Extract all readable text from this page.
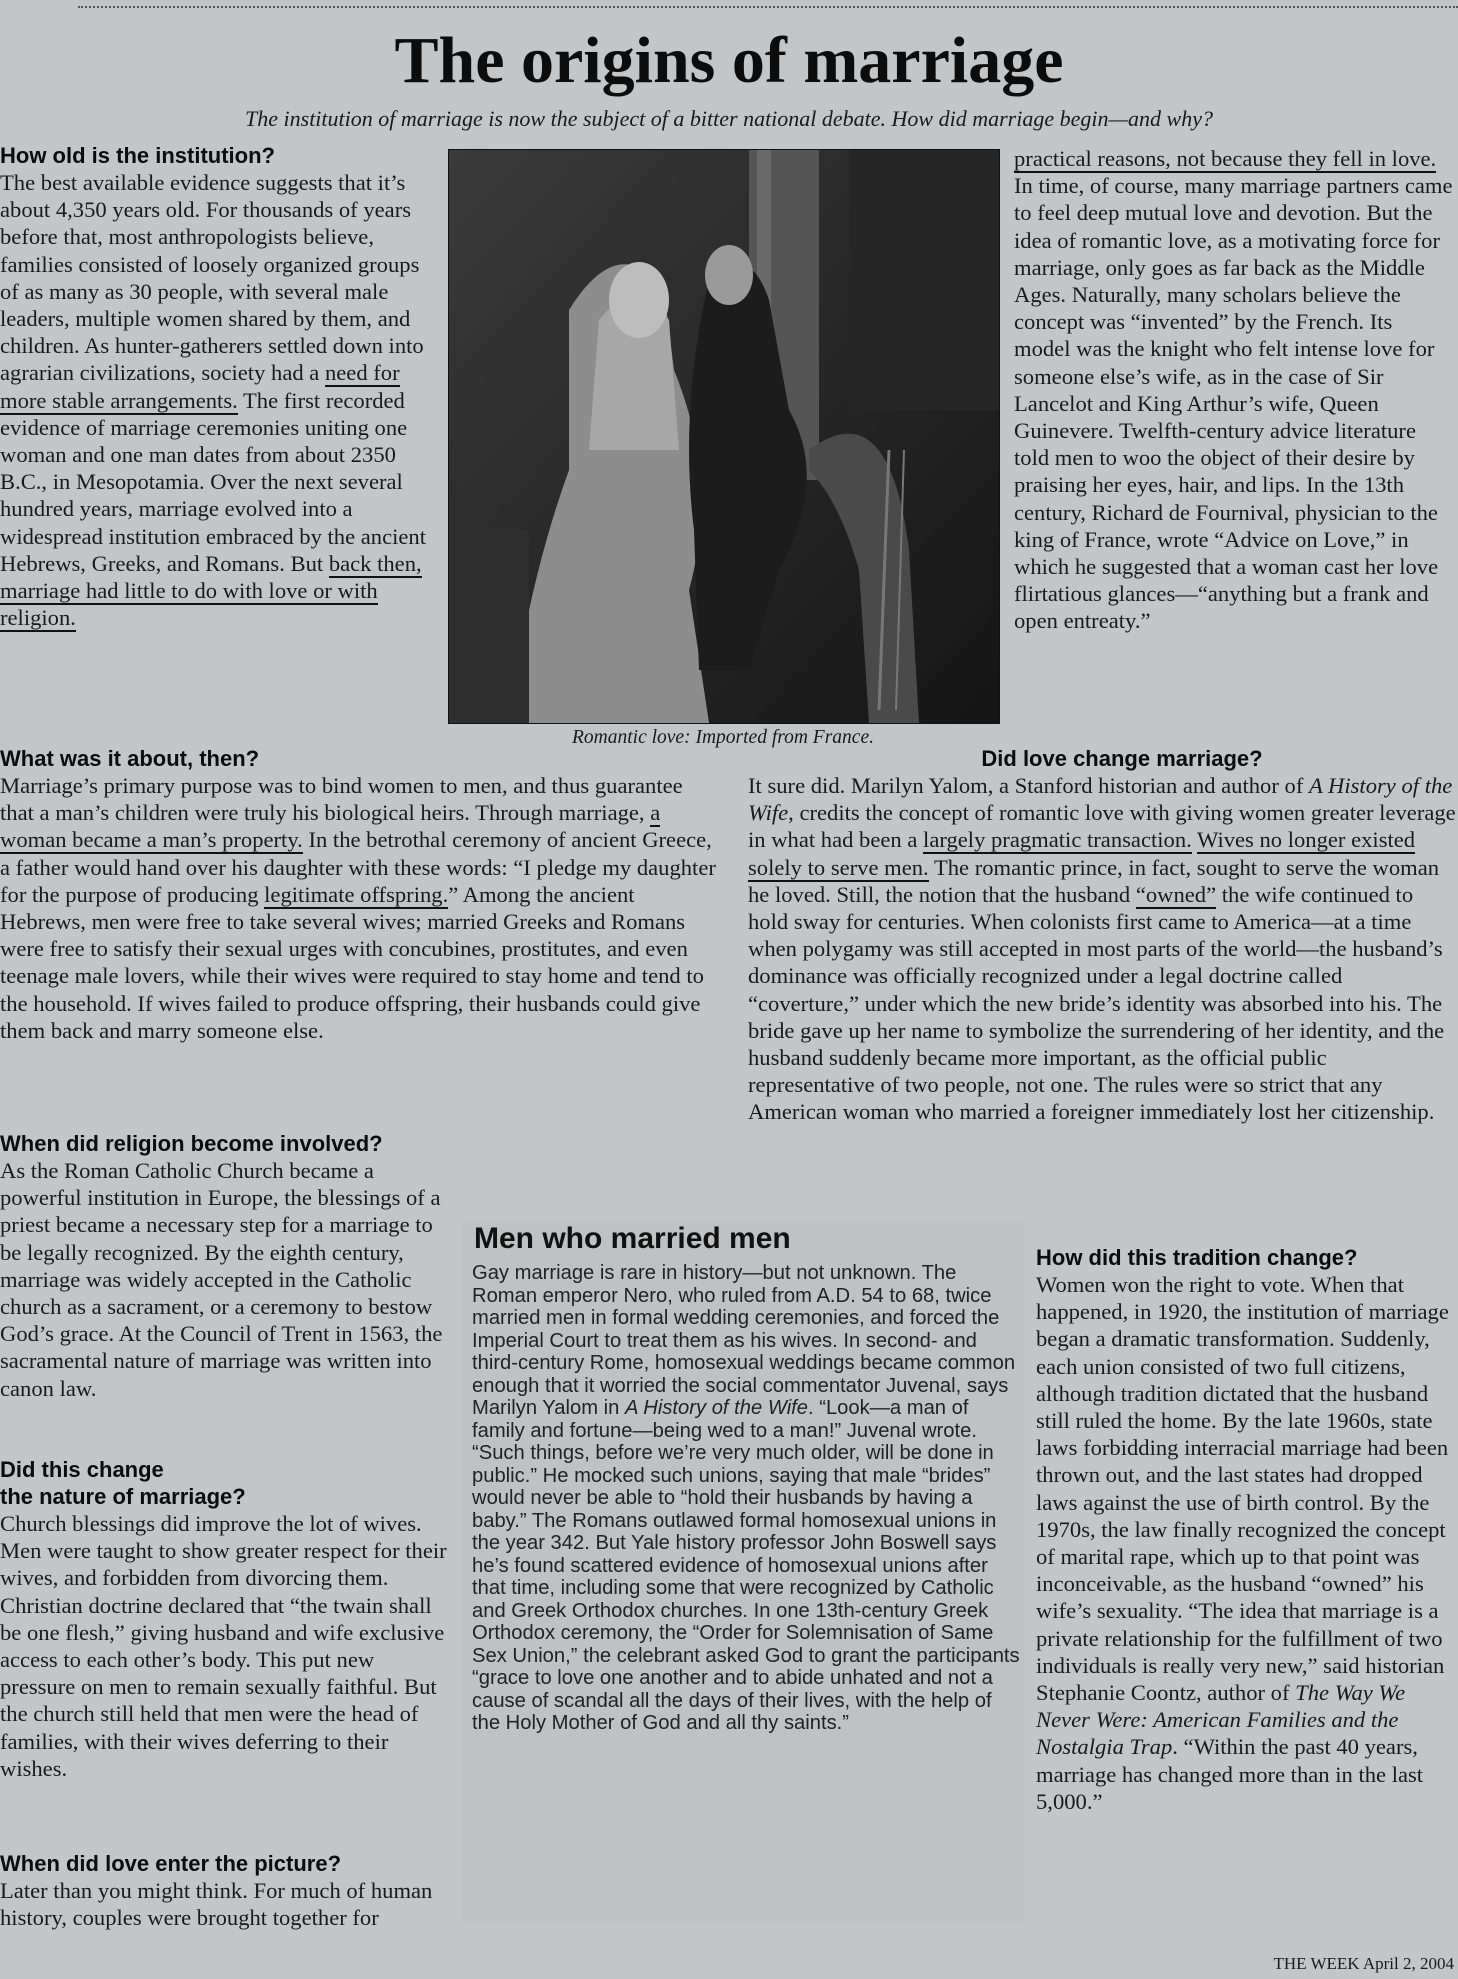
The origins of marriage
The institution of marriage is now the subject of a bitter national debate. How did marriage begin—and why?

How old is the institution?

The best available evidence suggests that it’s about 4,350 years old. For thousands of years before that, most anthropologists believe, families consisted of loosely organized groups of as many as 30 people, with several male leaders, multiple women shared by them, and children. As hunter-gatherers settled down into agrarian civilizations, society had a need for more stable arrangements. The first recorded evidence of marriage ceremonies uniting one woman and one man dates from about 2350 B.C., in Mesopotamia. Over the next several hundred years, marriage evolved into a widespread institution embraced by the ancient Hebrews, Greeks, and Romans. But back then, marriage had little to do with love or with religion.

Romantic love: Imported from France.

practical reasons, not because they fell in love. In time, of course, many marriage partners came to feel deep mutual love and devotion. But the idea of romantic love, as a motivating force for marriage, only goes as far back as the Middle Ages. Naturally, many scholars believe the concept was “invented” by the French. Its model was the knight who felt intense love for someone else’s wife, as in the case of Sir Lancelot and King Arthur’s wife, Queen Guinevere. Twelfth-century advice literature told men to woo the object of their desire by praising her eyes, hair, and lips. In the 13th century, Richard de Fournival, physician to the king of France, wrote “Advice on Love,” in which he suggested that a woman cast her love flirtatious glances—“anything but a frank and open entreaty.”

What was it about, then?

Marriage’s primary purpose was to bind women to men, and thus guarantee that a man’s children were truly his biological heirs. Through marriage, a woman became a man’s property. In the betrothal ceremony of ancient Greece, a father would hand over his daughter with these words: “I pledge my daughter for the purpose of producing legitimate offspring.” Among the ancient Hebrews, men were free to take several wives; married Greeks and Romans were free to satisfy their sexual urges with concubines, prostitutes, and even teenage male lovers, while their wives were required to stay home and tend to the household. If wives failed to produce offspring, their husbands could give them back and marry someone else.

Did love change marriage?

It sure did. Marilyn Yalom, a Stanford historian and author of A History of the Wife, credits the concept of romantic love with giving women greater leverage in what had been a largely pragmatic transaction. Wives no longer existed solely to serve men. The romantic prince, in fact, sought to serve the woman he loved. Still, the notion that the husband “owned” the wife continued to hold sway for centuries. When colonists first came to America—at a time when polygamy was still accepted in most parts of the world—the husband’s dominance was officially recognized under a legal doctrine called “coverture,” under which the new bride’s identity was absorbed into his. The bride gave up her name to symbolize the surrendering of her identity, and the husband suddenly became more important, as the official public representative of two people, not one. The rules were so strict that any American woman who married a foreigner immediately lost her citizenship.

When did religion become involved?

As the Roman Catholic Church became a powerful institution in Europe, the blessings of a priest became a necessary step for a marriage to be legally recognized. By the eighth century, marriage was widely accepted in the Catholic church as a sacrament, or a ceremony to bestow God’s grace. At the Council of Trent in 1563, the sacramental nature of marriage was written into canon law.

Did this change

the nature of marriage?

Church blessings did improve the lot of wives. Men were taught to show greater respect for their wives, and forbidden from divorcing them. Christian doctrine declared that “the twain shall be one flesh,” giving husband and wife exclusive access to each other’s body. This put new pressure on men to remain sexually faithful. But the church still held that men were the head of families, with their wives deferring to their wishes.

When did love enter the picture?

Later than you might think. For much of human history, couples were brought together for

Men who married men

Gay marriage is rare in history—but not unknown. The Roman emperor Nero, who ruled from A.D. 54 to 68, twice married men in formal wedding ceremonies, and forced the Imperial Court to treat them as his wives. In second- and third-century Rome, homosexual weddings became common enough that it worried the social commentator Juvenal, says Marilyn Yalom in A History of the Wife. “Look—a man of family and fortune—being wed to a man!” Juvenal wrote. “Such things, before we’re very much older, will be done in public.” He mocked such unions, saying that male “brides” would never be able to “hold their husbands by having a baby.” The Romans outlawed formal homosexual unions in the year 342. But Yale history professor John Boswell says he’s found scattered evidence of homosexual unions after that time, including some that were recognized by Catholic and Greek Orthodox churches. In one 13th-century Greek Orthodox ceremony, the “Order for Solemnisation of Same Sex Union,” the celebrant asked God to grant the participants “grace to love one another and to abide unhated and not a cause of scandal all the days of their lives, with the help of the Holy Mother of God and all thy saints.”

How did this tradition change?

Women won the right to vote. When that happened, in 1920, the institution of marriage began a dramatic transformation. Suddenly, each union consisted of two full citizens, although tradition dictated that the husband still ruled the home. By the late 1960s, state laws forbidding interracial marriage had been thrown out, and the last states had dropped laws against the use of birth control. By the 1970s, the law finally recognized the concept of marital rape, which up to that point was inconceivable, as the husband “owned” his wife’s sexuality. “The idea that marriage is a private relationship for the fulfillment of two individuals is really very new,” said historian Stephanie Coontz, author of The Way We Never Were: American Families and the Nostalgia Trap. “Within the past 40 years, marriage has changed more than in the last 5,000.”

THE WEEK April 2, 2004
